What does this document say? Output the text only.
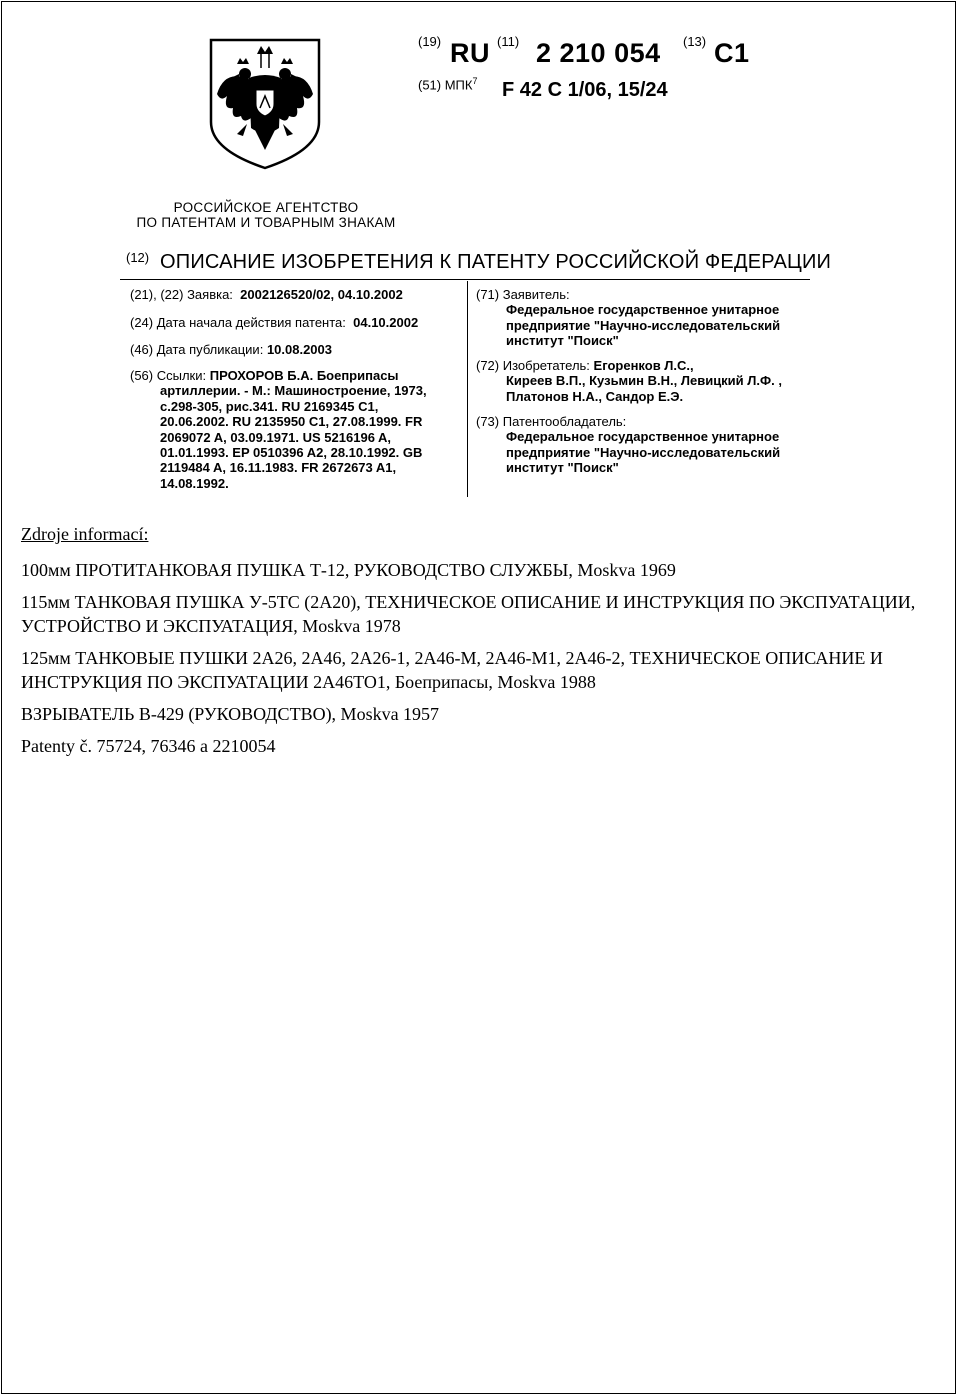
(19) RU (11) 2 210 054 (13) C1
(51) МПК$^7$ F 42 C 1/06, 15/24
РОССИЙСКОЕ АГЕНТСТВО
ПО ПАТЕНТАМ И ТОВАРНЫМ ЗНАКАМ
(12) ОПИСАНИЕ ИЗОБРЕТЕНИЯ К ПАТЕНТУ РОССИЙСКОЙ ФЕДЕРАЦИИ
(21), (22) Заявка: 2002126520/02, 04.10.2002
(24) Дата начала действия патента: 04.10.2002
(46) Дата публикации: 10.08.2003
(56) Ссылки: ПРОХОРОВ Б.А. Боеприпасы
артиллерии. - М.: Машиностроение, 1973, с.298-305, рис.341. RU 2169345 C1, 20.06.2002. RU 2135950 C1, 27.08.1999. FR 2069072 A, 03.09.1971. US 5216196 A, 01.01.1993. EP 0510396 A2, 28.10.1992. GB 2119484 A, 16.11.1983. FR 2672673 A1, 14.08.1992.
(71) Заявитель:
Федеральное государственное унитарное предприятие "Научно-исследовательский институт "Поиск"
(72) Изобретатель: Егоренков Л.С.,
Киреев В.П., Кузьмин В.Н., Левицкий Л.Ф. , Платонов Н.А., Сандор Е.Э.
(73) Патентообладатель:
Федеральное государственное унитарное предприятие "Научно-исследовательский институт "Поиск"
Zdroje informací:

100мм ПРОТИТАНКОВАЯ ПУШКА Т-12, РУКОВОДСТВО СЛУЖБЫ, Moskva 1969

115мм ТАНКОВАЯ ПУШКА У-5ТС (2А20), ТЕХНИЧЕСКОЕ ОПИСАНИЕ И ИНСТРУКЦИЯ ПО ЭКСПУАТАЦИИ, УСТРОЙСТВО И ЭКСПУАТАЦИЯ, Moskva 1978

125мм ТАНКОВЫЕ ПУШКИ 2А26, 2А46, 2А26-1, 2А46-М, 2А46-М1, 2А46-2, ТЕХНИЧЕСКОЕ ОПИСАНИЕ И ИНСТРУКЦИЯ ПО ЭКСПУАТАЦИИ 2А46ТО1, Боеприпасы, Moskva 1988

ВЗРЫВАТЕЛЬ В-429 (РУКОВОДСТВО), Moskva 1957

Patenty č. 75724, 76346 a 2210054
